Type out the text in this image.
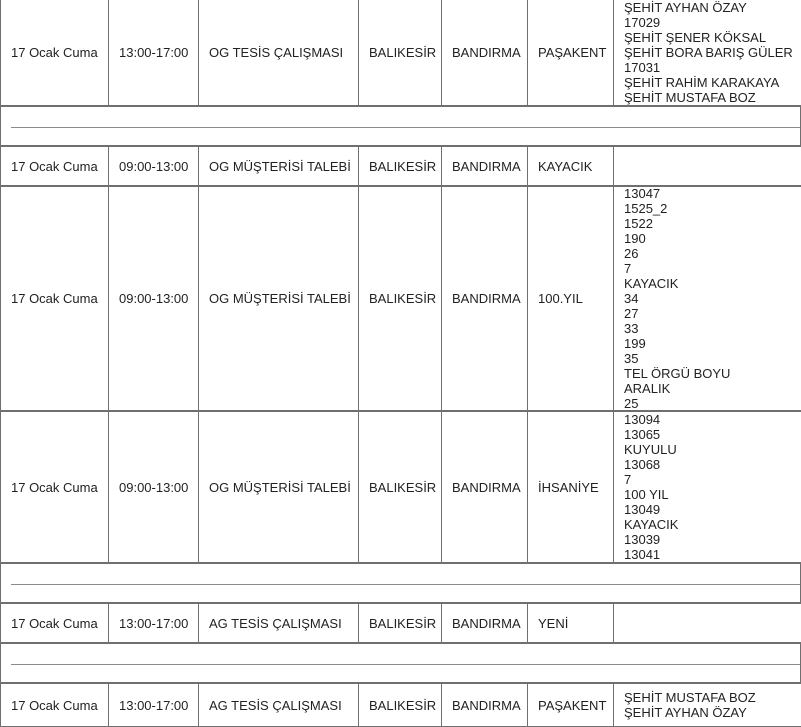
17 Ocak Cuma 13:00-17:00 OG TESİS ÇALIŞMASI BALIKESİR BANDIRMA PAŞAKENT
ŞEHİT AYHAN ÖZAY
17029
ŞEHİT ŞENER KÖKSAL
ŞEHİT BORA BARIŞ GÜLER
17031
ŞEHİT RAHİM KARAKAYA
ŞEHİT MUSTAFA BOZ
17 Ocak Cuma 09:00-13:00 OG MÜŞTERİSİ TALEBİ BALIKESİR BANDIRMA KAYACIK
17 Ocak Cuma 09:00-13:00 OG MÜŞTERİSİ TALEBİ BALIKESİR BANDIRMA 100.YIL
13047
1525_2
1522
190
26
7
KAYACIK
34
27
33
199
35
TEL ÖRGÜ BOYU
ARALIK
25
17 Ocak Cuma 09:00-13:00 OG MÜŞTERİSİ TALEBİ BALIKESİR BANDIRMA İHSANİYE
13094
13065
KUYULU
13068
7
100 YIL
13049
KAYACIK
13039
13041
17 Ocak Cuma 13:00-17:00 AG TESİS ÇALIŞMASI BALIKESİR BANDIRMA YENİ
17 Ocak Cuma 13:00-17:00 AG TESİS ÇALIŞMASI BALIKESİR BANDIRMA PAŞAKENT ŞEHİT MUSTAFA BOZ
ŞEHİT AYHAN ÖZAY
